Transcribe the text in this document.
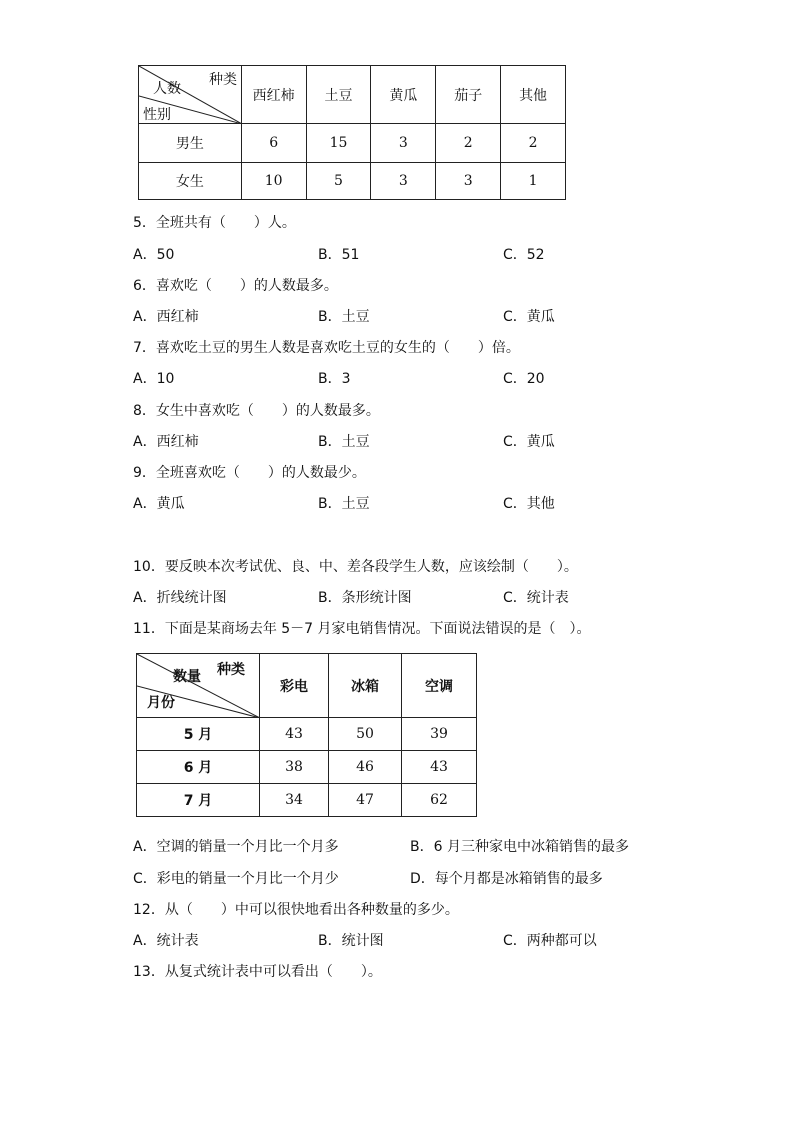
种类
人数
性别	西红柿	土豆	黄瓜	茄子	其他
男生	6	15	3	2	2
女生	10	5	3	3	1
5．全班共有（　　）人。
A．50	B．51	C．52
6．喜欢吃（　　）的人数最多。
A．西红柿	B．土豆	C．黄瓜
7．喜欢吃土豆的男生人数是喜欢吃土豆的女生的（　　）倍。
A．10	B．3	C．20
8．女生中喜欢吃（　　）的人数最多。
A．西红柿	B．土豆	C．黄瓜
9．全班喜欢吃（　　）的人数最少。
A．黄瓜	B．土豆	C．其他
10．要反映本次考试优、良、中、差各段学生人数，应该绘制（　　）。
A．折线统计图	B．条形统计图	C．统计表
11．下面是某商场去年 5－7 月家电销售情况。下面说法错误的是（　）。
种类
数量
月份	彩电	冰箱	空调
5 月	43	50	39
6 月	38	46	43
7 月	34	47	62
A．空调的销量一个月比一个月多	B．6 月三种家电中冰箱销售的最多
C．彩电的销量一个月比一个月少	D．每个月都是冰箱销售的最多
12．从（　　）中可以很快地看出各种数量的多少。
A．统计表	B．统计图	C．两种都可以
13．从复式统计表中可以看出（　　）。
